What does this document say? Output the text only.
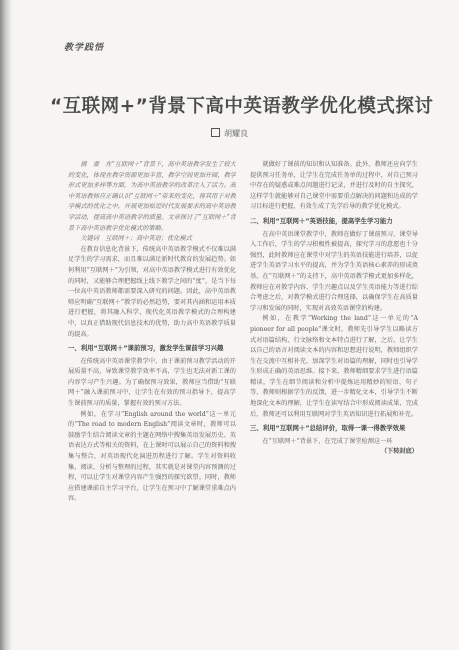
教学践悟
“互联网+”背景下高中英语教学优化模式探讨
胡耀良

摘　要　在“互联网＋”背景下，高中英语教学发生了较大的变化，体现在教学资源更加丰富，教学空间更加开阔，教学形式更加多样等方面，为高中英语教学的改革注入了活力。高中英语教师应正确认识“互联网＋”带来的变化，将其用于对教学模式的优化之中，开展更加贴近时代发展要求的高中英语教学活动，提高高中英语教学的质量。文章探讨了“互联网＋”背景下高中英语教学优化模式的策略。

关键词　互联网＋；高中英语；优化模式

在教育信息化背景下，传统高中英语教学模式不仅难以满足学生的学习需求，而且难以满足新时代教育的发展趋势。如何利用“互联网＋”为引领，对高中英语教学模式进行有效优化的同时，又能够合理把握线上线下教学之间的“度”，是当下每一位高中英语教师都需要深入研究的问题。因此，高中英语教师应明确“互联网＋”教学的必然趋势，要对其内涵和运用本质进行把握，将其融入科学、现代化英语教学模式的合理构建中，以真正借助现代信息技术的优势，助力高中英语教学质量的提高。

一、利用“互联网＋”课前预习，激发学生课前学习兴趣

在传统高中英语课堂教学中，由于课前预习教学活动的开展质量不高，导致课堂教学效率不高，学生也无法对新工课的内容学习产生兴趣。为了确保预习效果，教师应当借助“互联网＋”融入课前预习中，让学生在有效的预习指导下，提高学生课前预习的质量，掌握有效的预习方法。

例如，在学习“English around the world”这一单元的“The road to modern English”阅读文章时，教师可以鼓励学生结合阅读文章的主题在网络中搜集英语发展历史、英语表达方式等相关的资料，在上课时可以展示自己的资料和搜集与整合，对英语现代化演进历程进行了解。学生对资料收集、阅读、分析与整理的过程，其实就是对课堂内容预测的过程，可以让学生对课堂内容产生强烈的探究欲望。同时，教师应搭建课前自主学习平台，让学生在预习中了解课堂重难点内容。

就做好了课前的知识和认知准备。此外，教师还应向学生提供预习任务单，让学生在完成任务单的过程中，对自己预习中存在的疑惑或难点问题进行记录，并进行及时的自主探究，这样学生就能够对自己课堂中需要重点解决的问题和达成的学习目标进行把握，有效生成了先学后导的教学优化模式。

二、利用“互联网＋”英语技能，提高学生学习能力

在高中英语课堂教学中，教师在做好了课前预习，课堂导入工作后，学生的学习积极性被提高，探究学习的意愿也十分强烈，此时教师应在课堂中对学生的英语技能进行培养，以促进学生英语学习水平的提高，并为学生英语核心素养的形成奠基。在“互联网＋”的支持下，高中英语教学模式更加多样化，教师应在对教学内容、学生兴趣点以及学生英语能力等进行综合考虑之后，对教学模式进行合理选择，以确保学生在高质量学习和发展的同时，实现对高效英语课堂的构建。

例如，在教学“Working the land”这一单元的“A pioneer for all people”课文时，教师先引导学生以略读方式对语篇结构、行文脉络和文本特点进行了解，之后，让学生以自己的语言对阅读文本的内容和思想进行说明，教师组织学生在交流中互相补充，加深学生对语篇的理解，同时也引导学生形成正确的英语思维。接下来，教师精细要求学生进行语篇精读，学生在细节阅读和分析中提炼运用精妙的短语、句子等，教师则根据学生的反馈，进一步精化文本，引导学生不断地深化文本的理解，让学生在读写结合中形成阅读成果，完成后，教师还可以利用互联网对学生英语知识进行拓展和补充。

三、利用“互联网＋”总结评价，取得一课一得教学效果

在“互联网＋”背景下，在完成了课堂检测这一环

（下转封底）
